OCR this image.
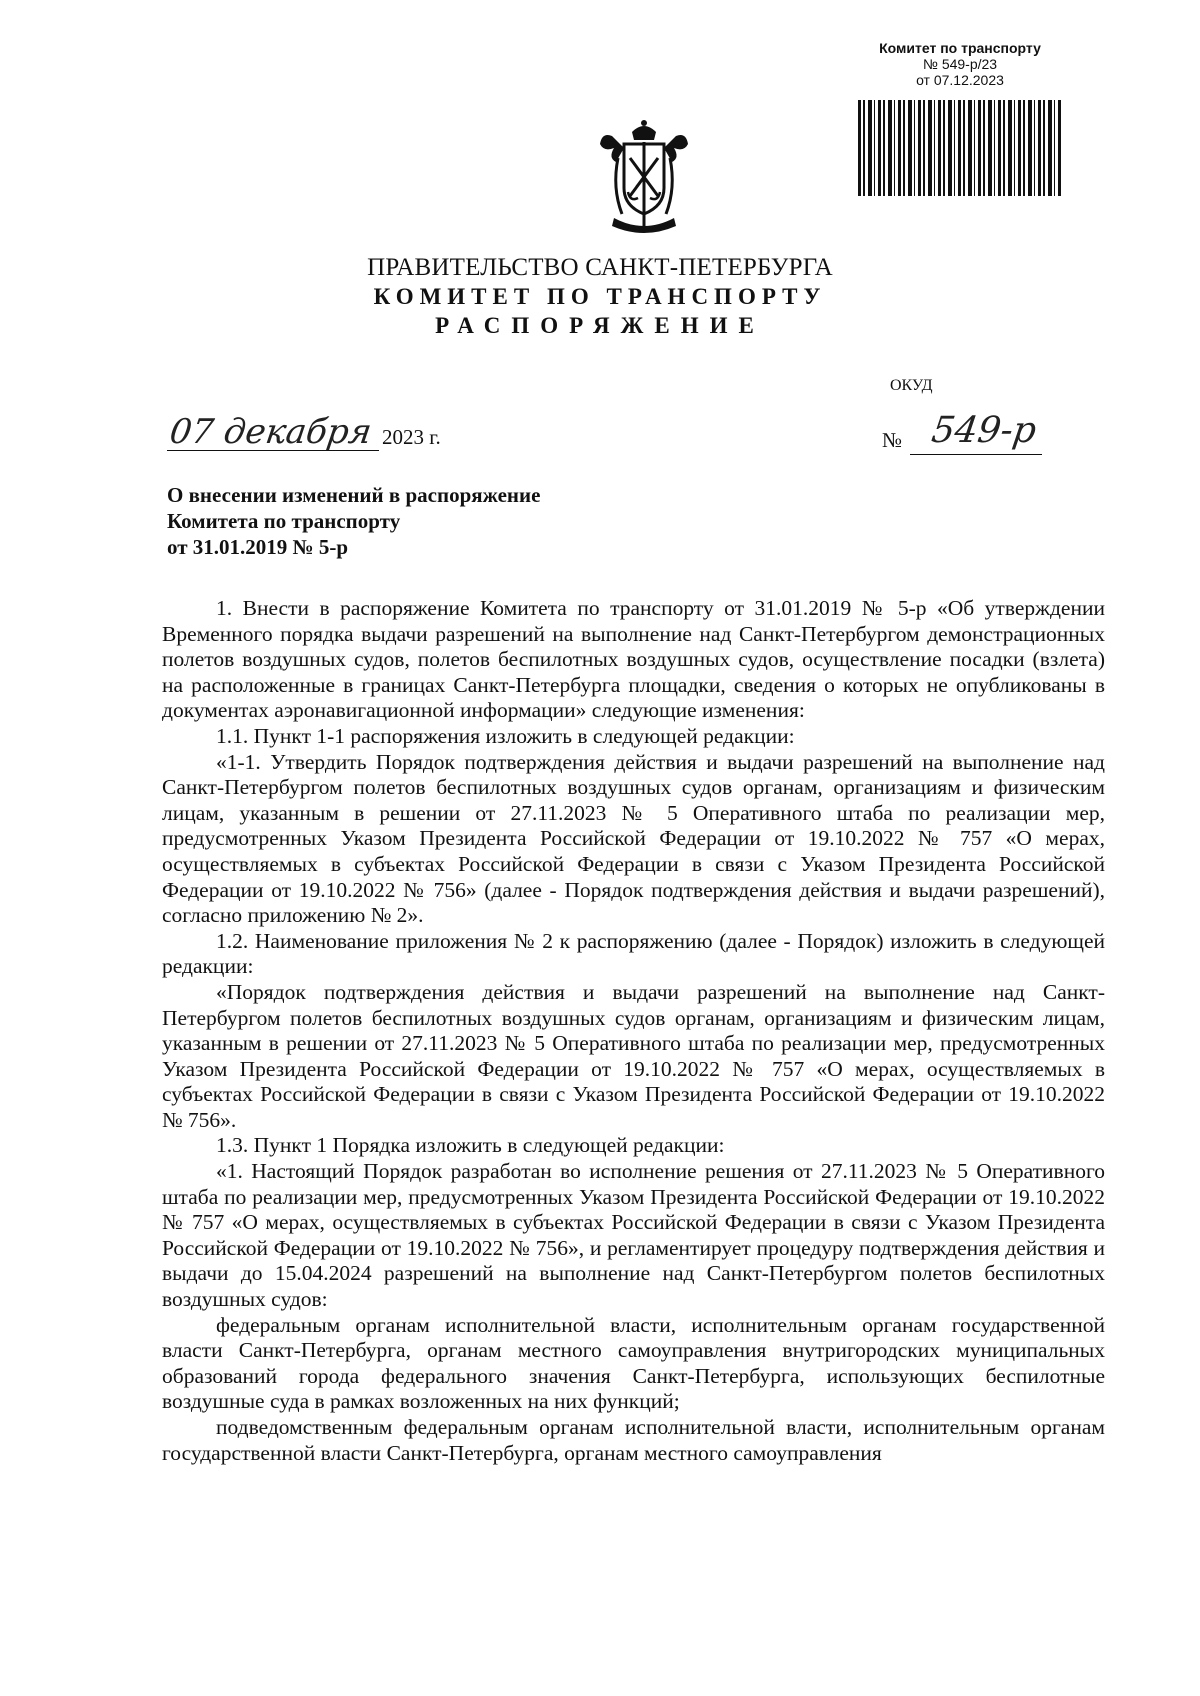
Комитет по транспорту
№ 549-р/23
от 07.12.2023
ПРАВИТЕЛЬСТВО САНКТ-ПЕТЕРБУРГА
КОМИТЕТ ПО ТРАНСПОРТУ
РАСПОРЯЖЕНИЕ
ОКУД
07 декабря 2023 г.	№ 549-р
О внесении изменений в распоряжение
Комитета по транспорту
от 31.01.2019 № 5-р

1. Внести в распоряжение Комитета по транспорту от 31.01.2019 № 5-р «Об утверждении Временного порядка выдачи разрешений на выполнение над Санкт-Петербургом демонстрационных полетов воздушных судов, полетов беспилотных воздушных судов, осуществление посадки (взлета) на расположенные в границах Санкт-Петербурга площадки, сведения о которых не опубликованы в документах аэронавигационной информации» следующие изменения:

1.1. Пункт 1-1 распоряжения изложить в следующей редакции:

«1-1. Утвердить Порядок подтверждения действия и выдачи разрешений на выполнение над Санкт-Петербургом полетов беспилотных воздушных судов органам, организациям и физическим лицам, указанным в решении от 27.11.2023 № 5 Оперативного штаба по реализации мер, предусмотренных Указом Президента Российской Федерации от 19.10.2022 № 757 «О мерах, осуществляемых в субъектах Российской Федерации в связи с Указом Президента Российской Федерации от 19.10.2022 № 756» (далее - Порядок подтверждения действия и выдачи разрешений), согласно приложению № 2».

1.2. Наименование приложения № 2 к распоряжению (далее - Порядок) изложить в следующей редакции:

«Порядок подтверждения действия и выдачи разрешений на выполнение над Санкт-Петербургом полетов беспилотных воздушных судов органам, организациям и физическим лицам, указанным в решении от 27.11.2023 № 5 Оперативного штаба по реализации мер, предусмотренных Указом Президента Российской Федерации от 19.10.2022 № 757 «О мерах, осуществляемых в субъектах Российской Федерации в связи с Указом Президента Российской Федерации от 19.10.2022 № 756».

1.3. Пункт 1 Порядка изложить в следующей редакции:

«1. Настоящий Порядок разработан во исполнение решения от 27.11.2023 № 5 Оперативного штаба по реализации мер, предусмотренных Указом Президента Российской Федерации от 19.10.2022 № 757 «О мерах, осуществляемых в субъектах Российской Федерации в связи с Указом Президента Российской Федерации от 19.10.2022 № 756», и регламентирует процедуру подтверждения действия и выдачи до 15.04.2024 разрешений на выполнение над Санкт-Петербургом полетов беспилотных воздушных судов:

федеральным органам исполнительной власти, исполнительным органам государственной власти Санкт-Петербурга, органам местного самоуправления внутригородских муниципальных образований города федерального значения Санкт-Петербурга, использующих беспилотные воздушные суда в рамках возложенных на них функций;

подведомственным федеральным органам исполнительной власти, исполнительным органам государственной власти Санкт-Петербурга, органам местного самоуправления
